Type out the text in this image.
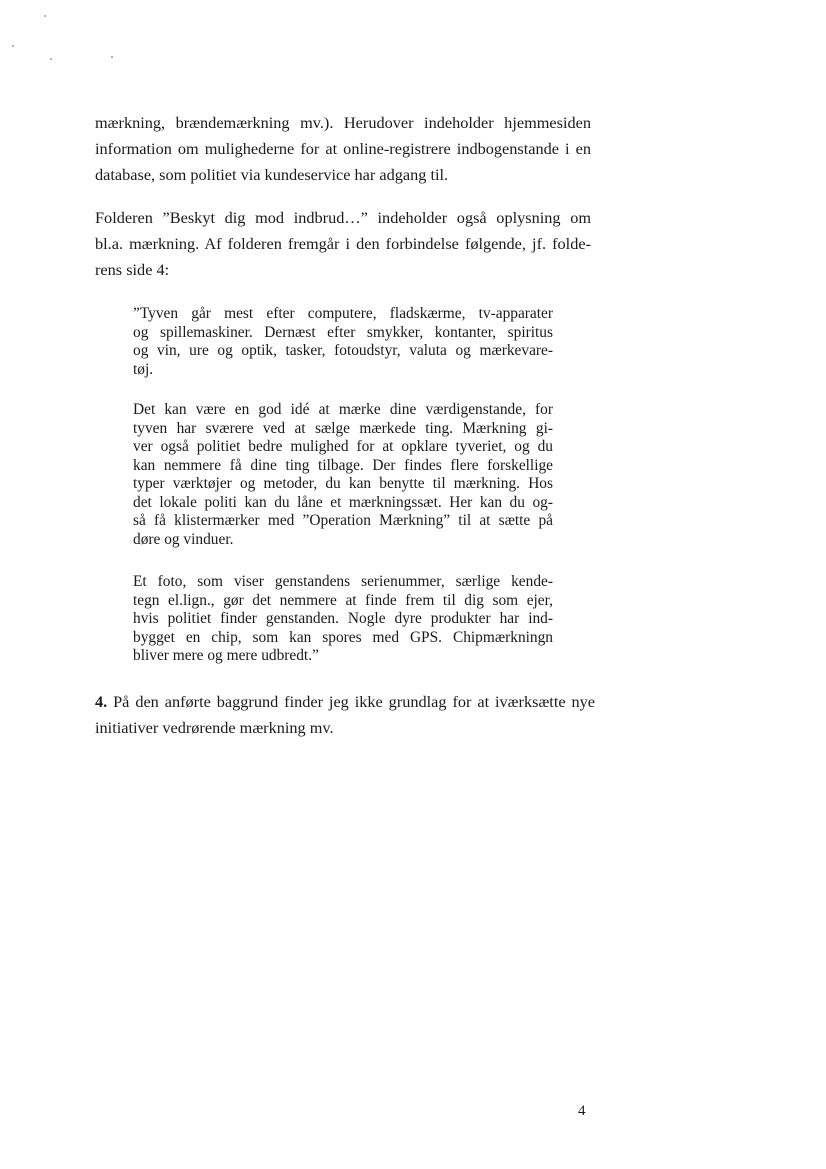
mærkning, brændemærkning mv.). Herudover indeholder hjemmesiden
information om mulighederne for at online-registrere indbogenstande i en
database, som politiet via kundeservice har adgang til.

Folderen ”Beskyt dig mod indbrud…” indeholder også oplysning om
bl.a. mærkning. Af folderen fremgår i den forbindelse følgende, jf. folde-
rens side 4:

”Tyven går mest efter computere, fladskærme, tv-apparater
og spillemaskiner. Dernæst efter smykker, kontanter, spiritus
og vin, ure og optik, tasker, fotoudstyr, valuta og mærkevare-
tøj.
Det kan være en god idé at mærke dine værdigenstande, for
tyven har sværere ved at sælge mærkede ting. Mærkning gi-
ver også politiet bedre mulighed for at opklare tyveriet, og du
kan nemmere få dine ting tilbage. Der findes flere forskellige
typer værktøjer og metoder, du kan benytte til mærkning. Hos
det lokale politi kan du låne et mærkningssæt. Her kan du og-
så få klistermærker med ”Operation Mærkning” til at sætte på
døre og vinduer.
Et foto, som viser genstandens serienummer, særlige kende-
tegn el.lign., gør det nemmere at finde frem til dig som ejer,
hvis politiet finder genstanden. Nogle dyre produkter har ind-
bygget en chip, som kan spores med GPS. Chipmærkningn
bliver mere og mere udbredt.”

4. På den anførte baggrund finder jeg ikke grundlag for at iværksætte nye
initiativer vedrørende mærkning mv.

4
